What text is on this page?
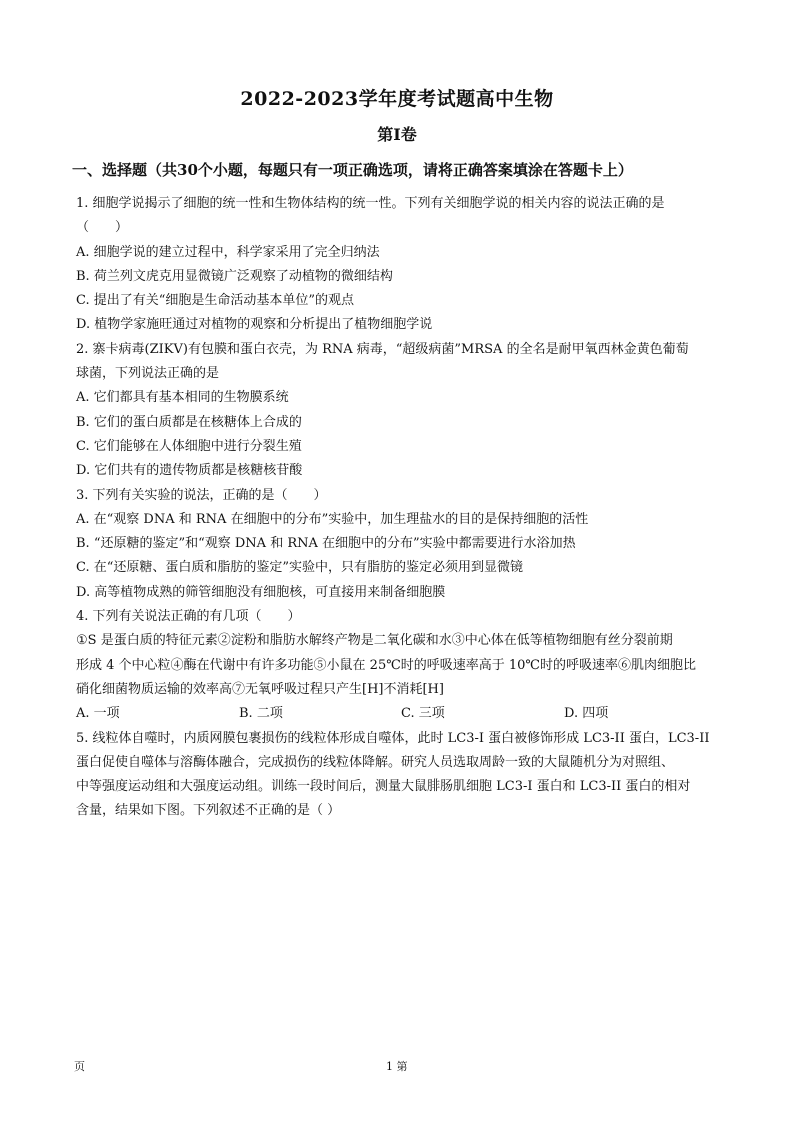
2022-2023学年度考试题高中生物
第Ⅰ卷
一、选择题（共30个小题，每题只有一项正确选项，请将正确答案填涂在答题卡上）
1. 细胞学说揭示了细胞的统一性和生物体结构的统一性。下列有关细胞学说的相关内容的说法正确的是
（　　）
A. 细胞学说的建立过程中，科学家采用了完全归纳法
B. 荷兰列文虎克用显微镜广泛观察了动植物的微细结构
C. 提出了有关“细胞是生命活动基本单位”的观点
D. 植物学家施旺通过对植物的观察和分析提出了植物细胞学说
2. 寨卡病毒(ZIKV)有包膜和蛋白衣壳，为 RNA 病毒，“超级病菌”MRSA 的全名是耐甲氧西林金黄色葡萄
球菌，下列说法正确的是
A. 它们都具有基本相同的生物膜系统
B. 它们的蛋白质都是在核糖体上合成的
C. 它们能够在人体细胞中进行分裂生殖
D. 它们共有的遗传物质都是核糖核苷酸
3. 下列有关实验的说法，正确的是（　　）
A. 在“观察 DNA 和 RNA 在细胞中的分布”实验中，加生理盐水的目的是保持细胞的活性
B. “还原糖的鉴定”和“观察 DNA 和 RNA 在细胞中的分布”实验中都需要进行水浴加热
C. 在“还原糖、蛋白质和脂肪的鉴定”实验中，只有脂肪的鉴定必须用到显微镜
D. 高等植物成熟的筛管细胞没有细胞核，可直接用来制备细胞膜
4. 下列有关说法正确的有几项（　　）
①S 是蛋白质的特征元素②淀粉和脂肪水解终产物是二氧化碳和水③中心体在低等植物细胞有丝分裂前期
形成 4 个中心粒④酶在代谢中有许多功能⑤小鼠在 25℃时的呼吸速率高于 10℃时的呼吸速率⑥肌肉细胞比
硝化细菌物质运输的效率高⑦无氧呼吸过程只产生[H]不消耗[H]
A. 一项	B. 二项	C. 三项	D. 四项
5. 线粒体自噬时，内质网膜包裹损伤的线粒体形成自噬体，此时 LC3-I 蛋白被修饰形成 LC3-II 蛋白，LC3-II
蛋白促使自噬体与溶酶体融合，完成损伤的线粒体降解。研究人员选取周龄一致的大鼠随机分为对照组、
中等强度运动组和大强度运动组。训练一段时间后，测量大鼠腓肠肌细胞 LC3-I 蛋白和 LC3-II 蛋白的相对
含量，结果如下图。下列叙述不正确的是（ ）
页	1 第
